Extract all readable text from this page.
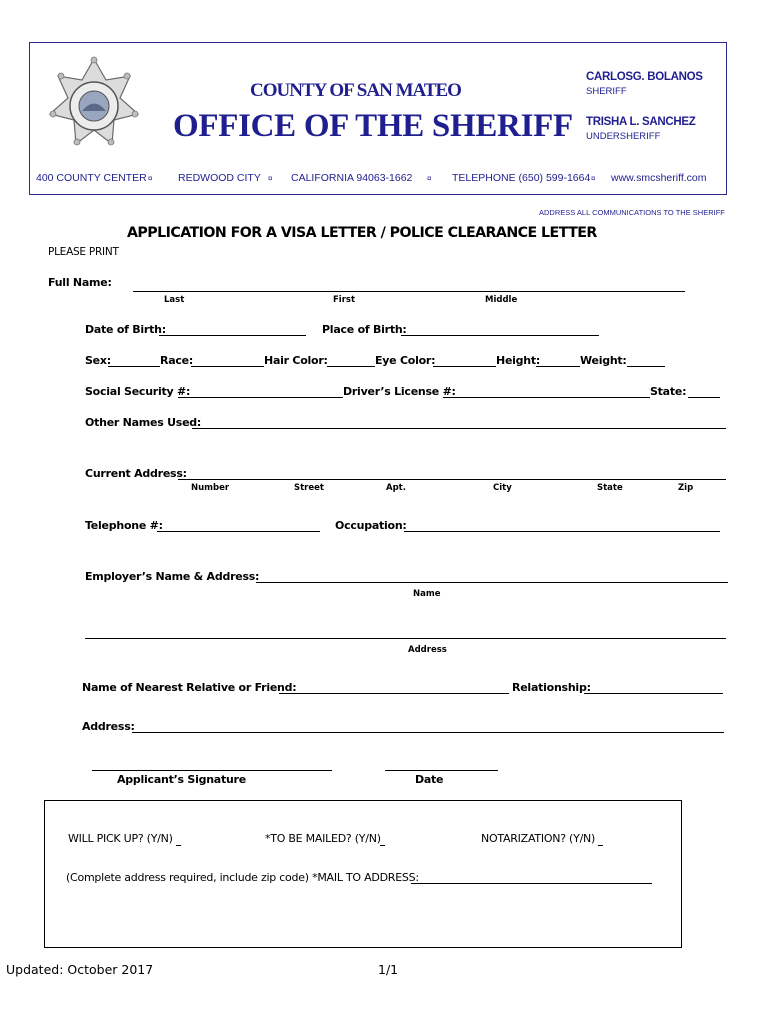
COUNTY OF SAN MATEO
OFFICE OF THE SHERIFF
CARLOSG. BOLANOS
SHERIFF
TRISHA L. SANCHEZ
UNDERSHERIFF
400 COUNTY CENTER ¤ REDWOOD CITY ¤ CALIFORNIA 94063-1662 ¤ TELEPHONE (650) 599-1664 ¤ www.smcsheriff.com
ADDRESS ALL COMMUNICATIONS TO THE SHERIFF
APPLICATION FOR A VISA LETTER / POLICE CLEARANCE LETTER
PLEASE PRINT
Full Name:
Last	First	Middle
Date of Birth:	Place of Birth:
Sex:	Race:	Hair Color:	Eye Color:	Height:	Weight:
Social Security #:	Driver’s License #:	State:
Other Names Used:
Current Address:
Number	Street	Apt.	City	State	Zip
Telephone #:	Occupation:
Employer’s Name & Address:
Name
Address
Name of Nearest Relative or Friend:	Relationship:
Address:
Applicant’s Signature	Date
WILL PICK UP? (Y/N)	*TO BE MAILED? (Y/N)	NOTARIZATION? (Y/N)
(Complete address required, include zip code) *MAIL TO ADDRESS:
Updated: October 2017	1/1
